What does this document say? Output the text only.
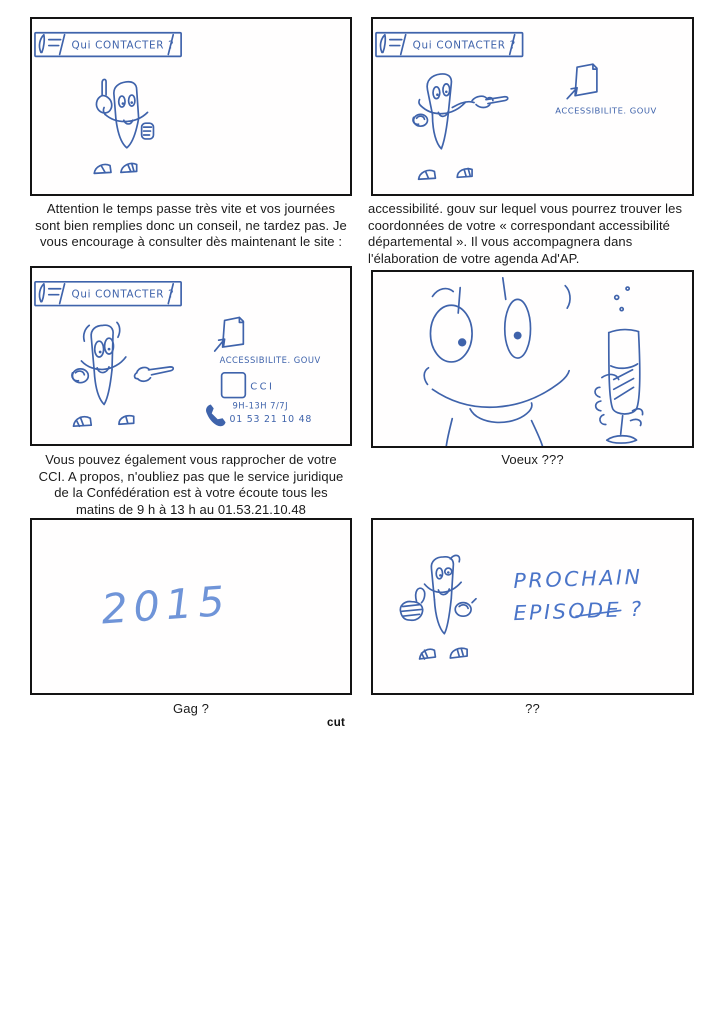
Qui CONTACTER ?
Attention le temps passe très vite et vos journées
sont bien remplies donc un conseil, ne tardez pas. Je
vous encourage à consulter dès maintenant le site :
Qui CONTACTER ?
ACCESSIBILITE. GOUV
accessibilité. gouv sur lequel vous pourrez trouver les
coordonnées de votre « correspondant accessibilité
départemental ». Il vous accompagnera dans
l'élaboration de votre agenda Ad'AP.
Qui CONTACTER ?
ACCESSIBILITE. GOUV
CCI
9H-13H 7/7J
01 53 21 10 48
Vous pouvez également vous rapprocher de votre
CCI. A propos, n'oubliez pas que le service juridique
de la Confédération est à votre écoute tous les
matins de 9 h à 13 h au 01.53.21.10.48
Voeux ???
2015
Gag ?
PROCHAIN
EPISODE ?
??
cut
